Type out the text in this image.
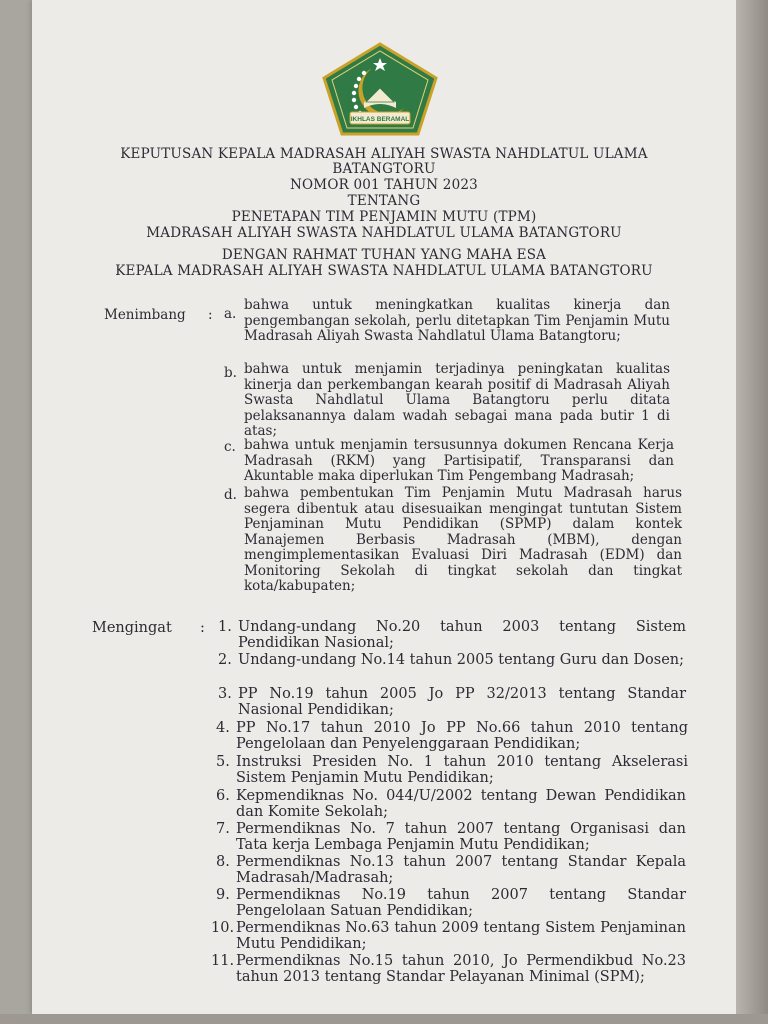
IKHLAS BERAMAL
KEPUTUSAN KEPALA MADRASAH ALIYAH SWASTA NAHDLATUL ULAMA
BATANGTORU
NOMOR 001 TAHUN 2023
TENTANG
PENETAPAN TIM PENJAMIN MUTU (TPM)
MADRASAH ALIYAH SWASTA NAHDLATUL ULAMA BATANGTORU
DENGAN RAHMAT TUHAN YANG MAHA ESA
KEPALA MADRASAH ALIYAH SWASTA NAHDLATUL ULAMA BATANGTORU
Menimbang : a.
bahwa untuk meningkatkan kualitas kinerja dan pengembangan sekolah, perlu ditetapkan Tim Penjamin Mutu Madrasah Aliyah Swasta Nahdlatul Ulama Batangtoru;
b. bahwa untuk menjamin terjadinya peningkatan kualitas kinerja dan perkembangan kearah positif di Madrasah Aliyah Swasta Nahdlatul Ulama Batangtoru perlu ditata pelaksanannya dalam wadah sebagai mana pada butir 1 di atas;
c. bahwa untuk menjamin tersusunnya dokumen Rencana Kerja Madrasah (RKM) yang Partisipatif, Transparansi dan Akuntable maka diperlukan Tim Pengembang Madrasah;
d. bahwa pembentukan Tim Penjamin Mutu Madrasah harus segera dibentuk atau disesuaikan mengingat tuntutan Sistem Penjaminan Mutu Pendidikan (SPMP) dalam kontek Manajemen Berbasis Madrasah (MBM), dengan mengimplementasikan Evaluasi Diri Madrasah (EDM) dan Monitoring Sekolah di tingkat sekolah dan tingkat kota/kabupaten;
Mengingat : 1. Undang-undang No.20 tahun 2003 tentang Sistem Pendidikan Nasional;
2. Undang-undang No.14 tahun 2005 tentang Guru dan Dosen;
3. PP No.19 tahun 2005 Jo PP 32/2013 tentang Standar Nasional Pendidikan;
4. PP No.17 tahun 2010 Jo PP No.66 tahun 2010 tentang Pengelolaan dan Penyelenggaraan Pendidikan;
5. Instruksi Presiden No. 1 tahun 2010 tentang Akselerasi Sistem Penjamin Mutu Pendidikan;
6. Kepmendiknas No. 044/U/2002 tentang Dewan Pendidikan dan Komite Sekolah;
7. Permendiknas No. 7 tahun 2007 tentang Organisasi dan Tata kerja Lembaga Penjamin Mutu Pendidikan;
8. Permendiknas No.13 tahun 2007 tentang Standar Kepala Madrasah/Madrasah;
9. Permendiknas No.19 tahun 2007 tentang Standar Pengelolaan Satuan Pendidikan;
10. Permendiknas No.63 tahun 2009 tentang Sistem Penjaminan Mutu Pendidikan;
11. Permendiknas No.15 tahun 2010, Jo Permendikbud No.23 tahun 2013 tentang Standar Pelayanan Minimal (SPM);
